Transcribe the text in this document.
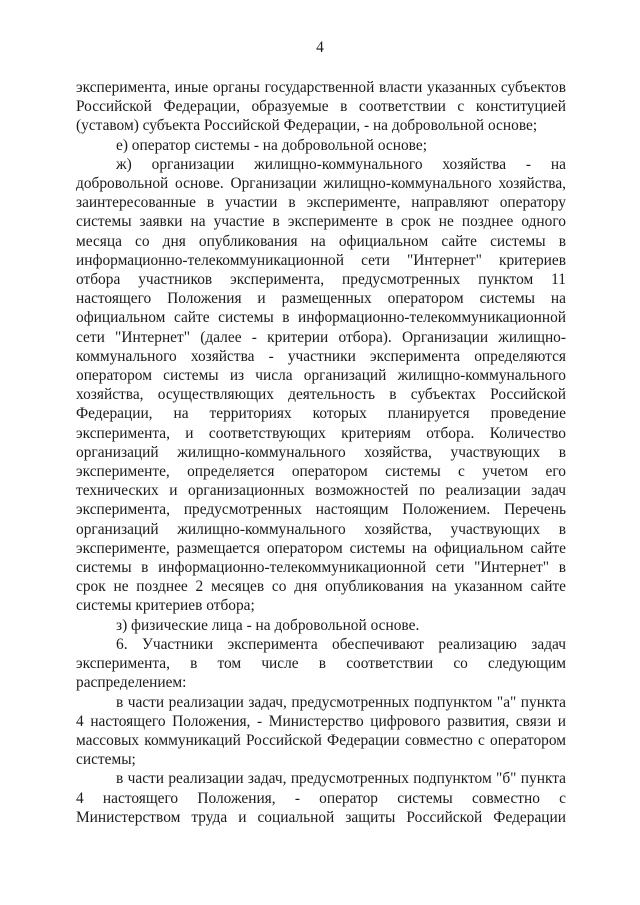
4

эксперимента, иные органы государственной власти указанных субъектов Российской Федерации, образуемые в соответствии с конституцией (уставом) субъекта Российской Федерации, - на добровольной основе;

е) оператор системы - на добровольной основе;

ж) организации жилищно-коммунального хозяйства - на добровольной основе. Организации жилищно-коммунального хозяйства, заинтересованные в участии в эксперименте, направляют оператору системы заявки на участие в эксперименте в срок не позднее одного месяца со дня опубликования на официальном сайте системы в информационно-телекоммуникационной сети "Интернет" критериев отбора участников эксперимента, предусмотренных пунктом 11 настоящего Положения и размещенных оператором системы на официальном сайте системы в информационно-телекоммуникационной сети "Интернет" (далее - критерии отбора). Организации жилищно-коммунального хозяйства - участники эксперимента определяются оператором системы из числа организаций жилищно-коммунального хозяйства, осуществляющих деятельность в субъектах Российской Федерации, на территориях которых планируется проведение эксперимента, и соответствующих критериям отбора. Количество организаций жилищно-коммунального хозяйства, участвующих в эксперименте, определяется оператором системы с учетом его технических и организационных возможностей по реализации задач эксперимента, предусмотренных настоящим Положением. Перечень организаций жилищно-коммунального хозяйства, участвующих в эксперименте, размещается оператором системы на официальном сайте системы в информационно-телекоммуникационной сети "Интернет" в срок не позднее 2 месяцев со дня опубликования на указанном сайте системы критериев отбора;

з) физические лица - на добровольной основе.

6. Участники эксперимента обеспечивают реализацию задач эксперимента, в том числе в соответствии со следующим распределением:

в части реализации задач, предусмотренных подпунктом "а" пункта 4 настоящего Положения, - Министерство цифрового развития, связи и массовых коммуникаций Российской Федерации совместно с оператором системы;

в части реализации задач, предусмотренных подпунктом "б" пункта 4 настоящего Положения, - оператор системы совместно с Министерством труда и социальной защиты Российской Федерации
